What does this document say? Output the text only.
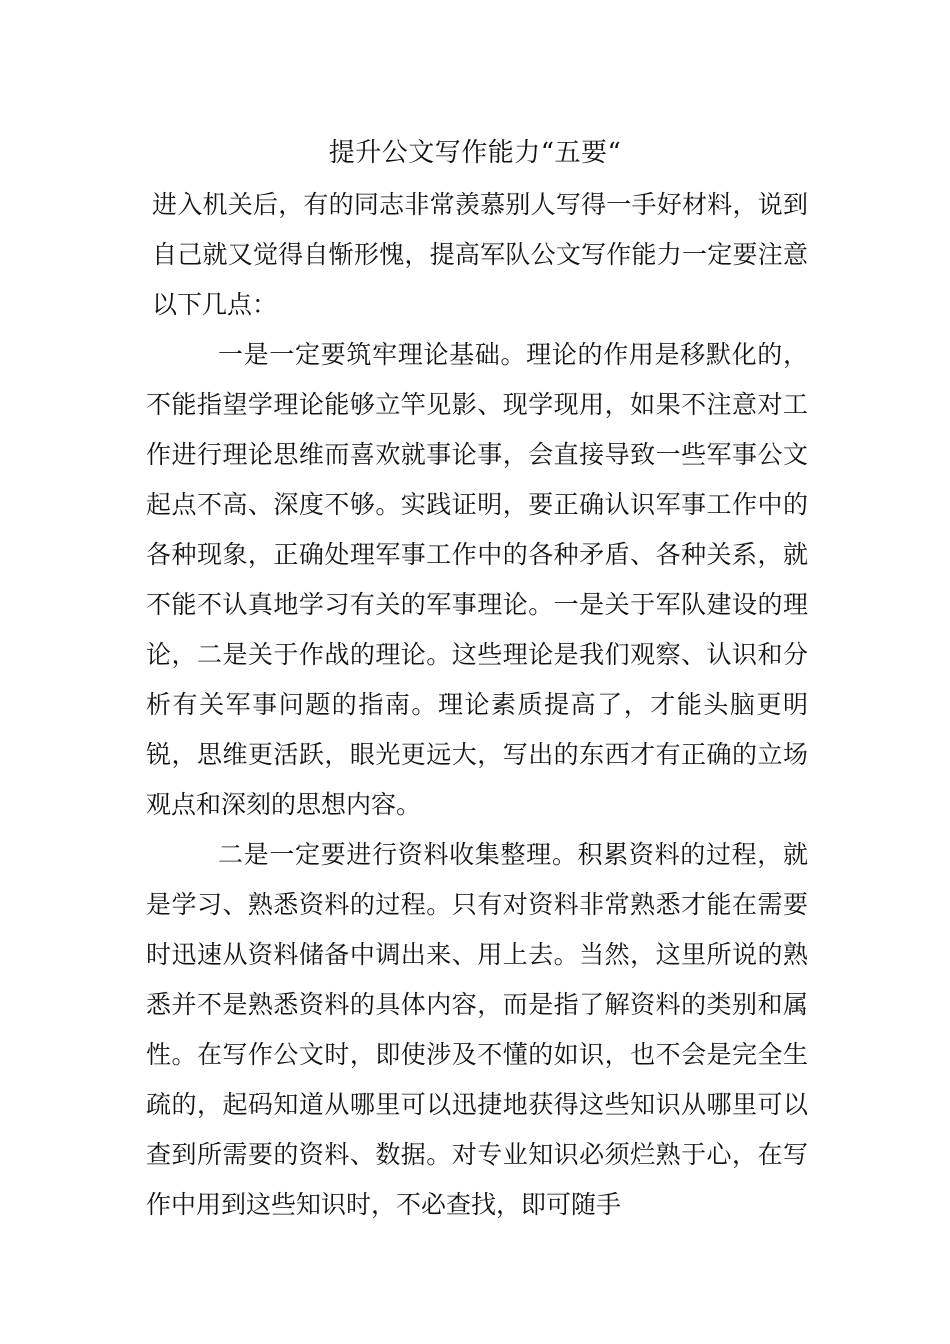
提升公文写作能力“五要“

进入机关后，有的同志非常羡慕别人写得一手好材料，说到自己就又觉得自惭形愧，提高军队公文写作能力一定要注意以下几点：

一是一定要筑牢理论基础。理论的作用是移默化的，不能指望学理论能够立竿见影、现学现用，如果不注意对工作进行理论思维而喜欢就事论事，会直接导致一些军事公文起点不高、深度不够。实践证明，要正确认识军事工作中的各种现象，正确处理军事工作中的各种矛盾、各种关系，就不能不认真地学习有关的军事理论。一是关于军队建设的理论，二是关于作战的理论。这些理论是我们观察、认识和分析有关军事问题的指南。理论素质提高了，才能头脑更明锐，思维更活跃，眼光更远大，写出的东西才有正确的立场观点和深刻的思想内容。

二是一定要进行资料收集整理。积累资料的过程，就是学习、熟悉资料的过程。只有对资料非常熟悉才能在需要时迅速从资料储备中调出来、用上去。当然，这里所说的熟悉并不是熟悉资料的具体内容，而是指了解资料的类别和属性。在写作公文时，即使涉及不懂的如识，也不会是完全生疏的，起码知道从哪里可以迅捷地获得这些知识从哪里可以查到所需要的资料、数据。对专业知识必须烂熟于心，在写作中用到这些知识时，不必查找，即可随手
